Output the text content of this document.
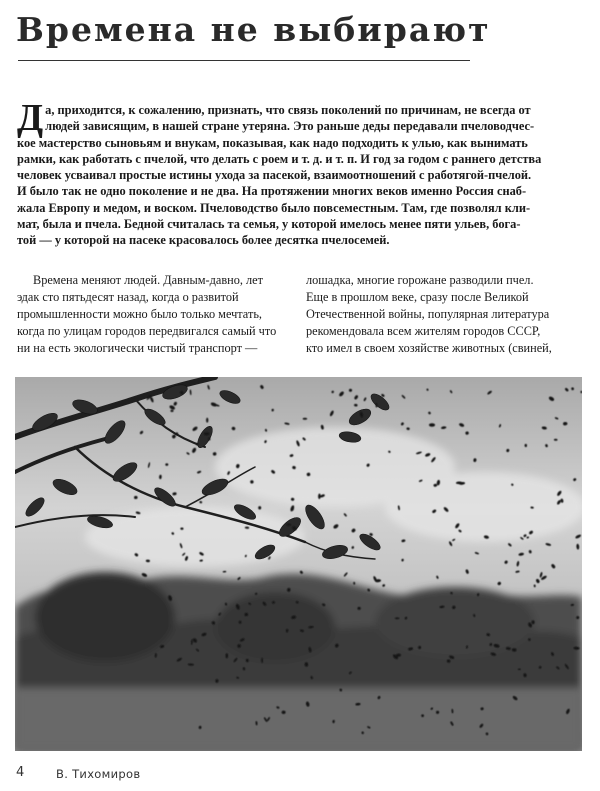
Времена не выбирают
Д а, приходится, к сожалению, признать, что связь поколений по причинам, не всегда от
людей зависящим, в нашей стране утеряна. Это раньше деды передавали пчеловодчес-
кое мастерство сыновьям и внукам, показывая, как надо подходить к улью, как вынимать
рамки, как работать с пчелой, что делать с роем и т. д. и т. п. И год за годом с раннего детства
человек усваивал простые истины ухода за пасекой, взаимоотношений с работягой-пчелой.
И было так не одно поколение и не два. На протяжении многих веков именно Россия снаб-
жала Европу и медом, и воском. Пчеловодство было повсеместным. Там, где позволял кли-
мат, была и пчела. Бедной считалась та семья, у которой имелось менее пяти ульев, бога-
той — у которой на пасеке красовалось более десятка пчелосемей.
Времена меняют людей. Давным-давно, лет
эдак сто пятьдесят назад, когда о развитой
промышленности можно было только мечтать,
когда по улицам городов передвигался самый что
ни на есть экологически чистый транспорт —
лошадка, многие горожане разводили пчел.
Еще в прошлом веке, сразу после Великой
Отечественной войны, популярная литература
рекомендовала всем жителям городов СССР,
кто имел в своем хозяйстве животных (свиней,
4	В. Тихомиров
